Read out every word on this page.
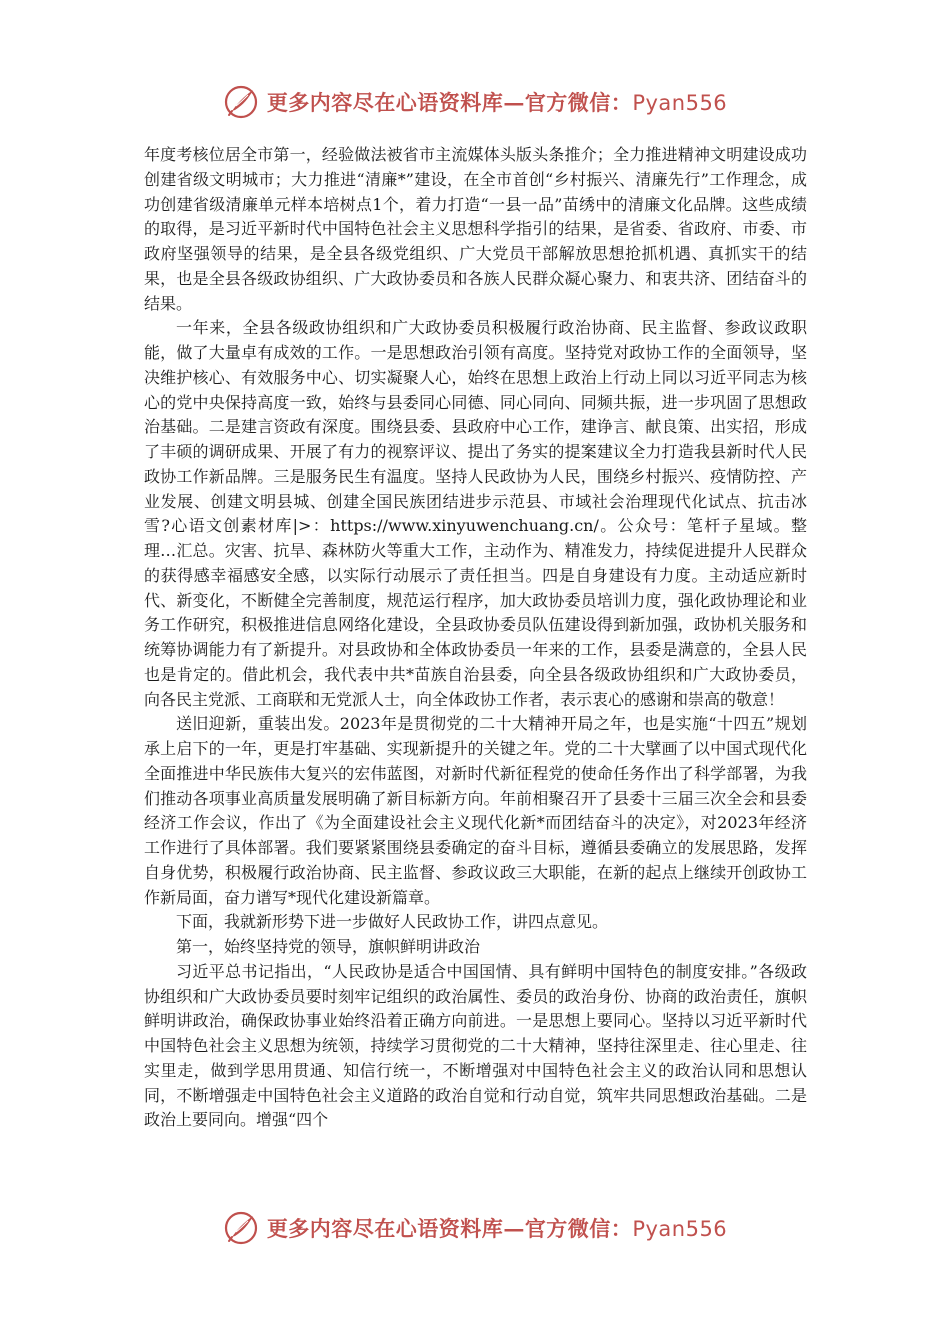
更多内容尽在心语资料库—官方微信：Pyan556

年度考核位居全市第一，经验做法被省市主流媒体头版头条推介；全力推进精神文明建设成功创建省级文明城市；大力推进“清廉*”建设，在全市首创“乡村振兴、清廉先行”工作理念，成功创建省级清廉单元样本培树点1个，着力打造“一县一品”苗绣中的清廉文化品牌。这些成绩的取得，是习近平新时代中国特色社会主义思想科学指引的结果，是省委、省政府、市委、市政府坚强领导的结果，是全县各级党组织、广大党员干部解放思想抢抓机遇、真抓实干的结果，也是全县各级政协组织、广大政协委员和各族人民群众凝心聚力、和衷共济、团结奋斗的结果。

一年来，全县各级政协组织和广大政协委员积极履行政治协商、民主监督、参政议政职能，做了大量卓有成效的工作。一是思想政治引领有高度。坚持党对政协工作的全面领导，坚决维护核心、有效服务中心、切实凝聚人心，始终在思想上政治上行动上同以习近平同志为核心的党中央保持高度一致，始终与县委同心同德、同心同向、同频共振，进一步巩固了思想政治基础。二是建言资政有深度。围绕县委、县政府中心工作，建诤言、献良策、出实招，形成了丰硕的调研成果、开展了有力的视察评议、提出了务实的提案建议全力打造我县新时代人民政协工作新品牌。三是服务民生有温度。坚持人民政协为人民，围绕乡村振兴、疫情防控、产业发展、创建文明县城、创建全国民族团结进步示范县、市域社会治理现代化试点、抗击冰雪?心语文创素材库|>：https://www.xinyuwenchuang.cn/。公众号：笔杆子星域。整理…汇总。灾害、抗旱、森林防火等重大工作，主动作为、精准发力，持续促进提升人民群众的获得感幸福感安全感，以实际行动展示了责任担当。四是自身建设有力度。主动适应新时代、新变化，不断健全完善制度，规范运行程序，加大政协委员培训力度，强化政协理论和业务工作研究，积极推进信息网络化建设，全县政协委员队伍建设得到新加强，政协机关服务和统筹协调能力有了新提升。对县政协和全体政协委员一年来的工作，县委是满意的，全县人民也是肯定的。借此机会，我代表中共*苗族自治县委，向全县各级政协组织和广大政协委员，向各民主党派、工商联和无党派人士，向全体政协工作者，表示衷心的感谢和崇高的敬意！

送旧迎新，重装出发。2023年是贯彻党的二十大精神开局之年，也是实施“十四五”规划承上启下的一年，更是打牢基础、实现新提升的关键之年。党的二十大擘画了以中国式现代化全面推进中华民族伟大复兴的宏伟蓝图，对新时代新征程党的使命任务作出了科学部署，为我们推动各项事业高质量发展明确了新目标新方向。年前相聚召开了县委十三届三次全会和县委经济工作会议，作出了《为全面建设社会主义现代化新*而团结奋斗的决定》，对2023年经济工作进行了具体部署。我们要紧紧围绕县委确定的奋斗目标，遵循县委确立的发展思路，发挥自身优势，积极履行政治协商、民主监督、参政议政三大职能，在新的起点上继续开创政协工作新局面，奋力谱写*现代化建设新篇章。

下面，我就新形势下进一步做好人民政协工作，讲四点意见。

第一，始终坚持党的领导，旗帜鲜明讲政治

习近平总书记指出，“人民政协是适合中国国情、具有鲜明中国特色的制度安排。”各级政协组织和广大政协委员要时刻牢记组织的政治属性、委员的政治身份、协商的政治责任，旗帜鲜明讲政治，确保政协事业始终沿着正确方向前进。一是思想上要同心。坚持以习近平新时代中国特色社会主义思想为统领，持续学习贯彻党的二十大精神，坚持往深里走、往心里走、往实里走，做到学思用贯通、知信行统一，不断增强对中国特色社会主义的政治认同和思想认同，不断增强走中国特色社会主义道路的政治自觉和行动自觉，筑牢共同思想政治基础。二是政治上要同向。增强“四个

更多内容尽在心语资料库—官方微信：Pyan556
